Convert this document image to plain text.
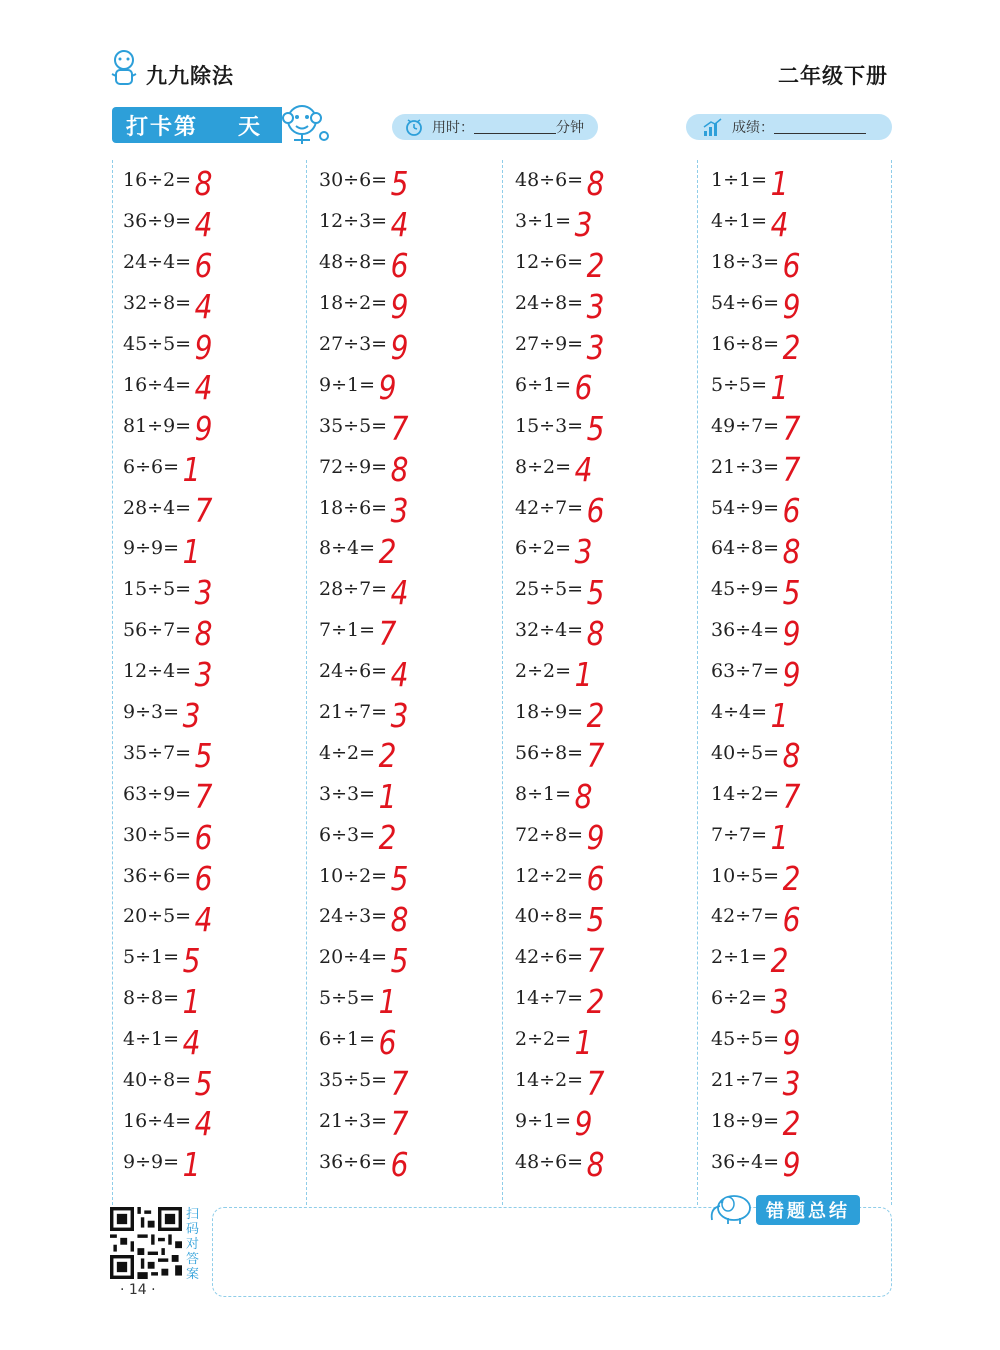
九九除法	二年级下册
打卡第 天	用时：	分钟	成绩：
16÷2= 8
36÷9= 4
24÷4= 6
32÷8= 4
45÷5= 9
16÷4= 4
81÷9= 9
6÷6= 1
28÷4= 7
9÷9= 1
15÷5= 3
56÷7= 8
12÷4= 3
9÷3= 3
35÷7= 5
63÷9= 7
30÷5= 6
36÷6= 6
20÷5= 4
5÷1= 5
8÷8= 1
4÷1= 4
40÷8= 5
16÷4= 4
9÷9= 1
30÷6= 5
12÷3= 4
48÷8= 6
18÷2= 9
27÷3= 9
9÷1= 9
35÷5= 7
72÷9= 8
18÷6= 3
8÷4= 2
28÷7= 4
7÷1= 7
24÷6= 4
21÷7= 3
4÷2= 2
3÷3= 1
6÷3= 2
10÷2= 5
24÷3= 8
20÷4= 5
5÷5= 1
6÷1= 6
35÷5= 7
21÷3= 7
36÷6= 6
48÷6= 8
3÷1= 3
12÷6= 2
24÷8= 3
27÷9= 3
6÷1= 6
15÷3= 5
8÷2= 4
42÷7= 6
6÷2= 3
25÷5= 5
32÷4= 8
2÷2= 1
18÷9= 2
56÷8= 7
8÷1= 8
72÷8= 9
12÷2= 6
40÷8= 5
42÷6= 7
14÷7= 2
2÷2= 1
14÷2= 7
9÷1= 9
48÷6= 8
1÷1= 1
4÷1= 4
18÷3= 6
54÷6= 9
16÷8= 2
5÷5= 1
49÷7= 7
21÷3= 7
54÷9= 6
64÷8= 8
45÷9= 5
36÷4= 9
63÷7= 9
4÷4= 1
40÷5= 8
14÷2= 7
7÷7= 1
10÷5= 2
42÷7= 6
2÷1= 2
6÷2= 3
45÷5= 9
21÷7= 3
18÷9= 2
36÷4= 9
扫码对答案
· 14 ·
错题总结
